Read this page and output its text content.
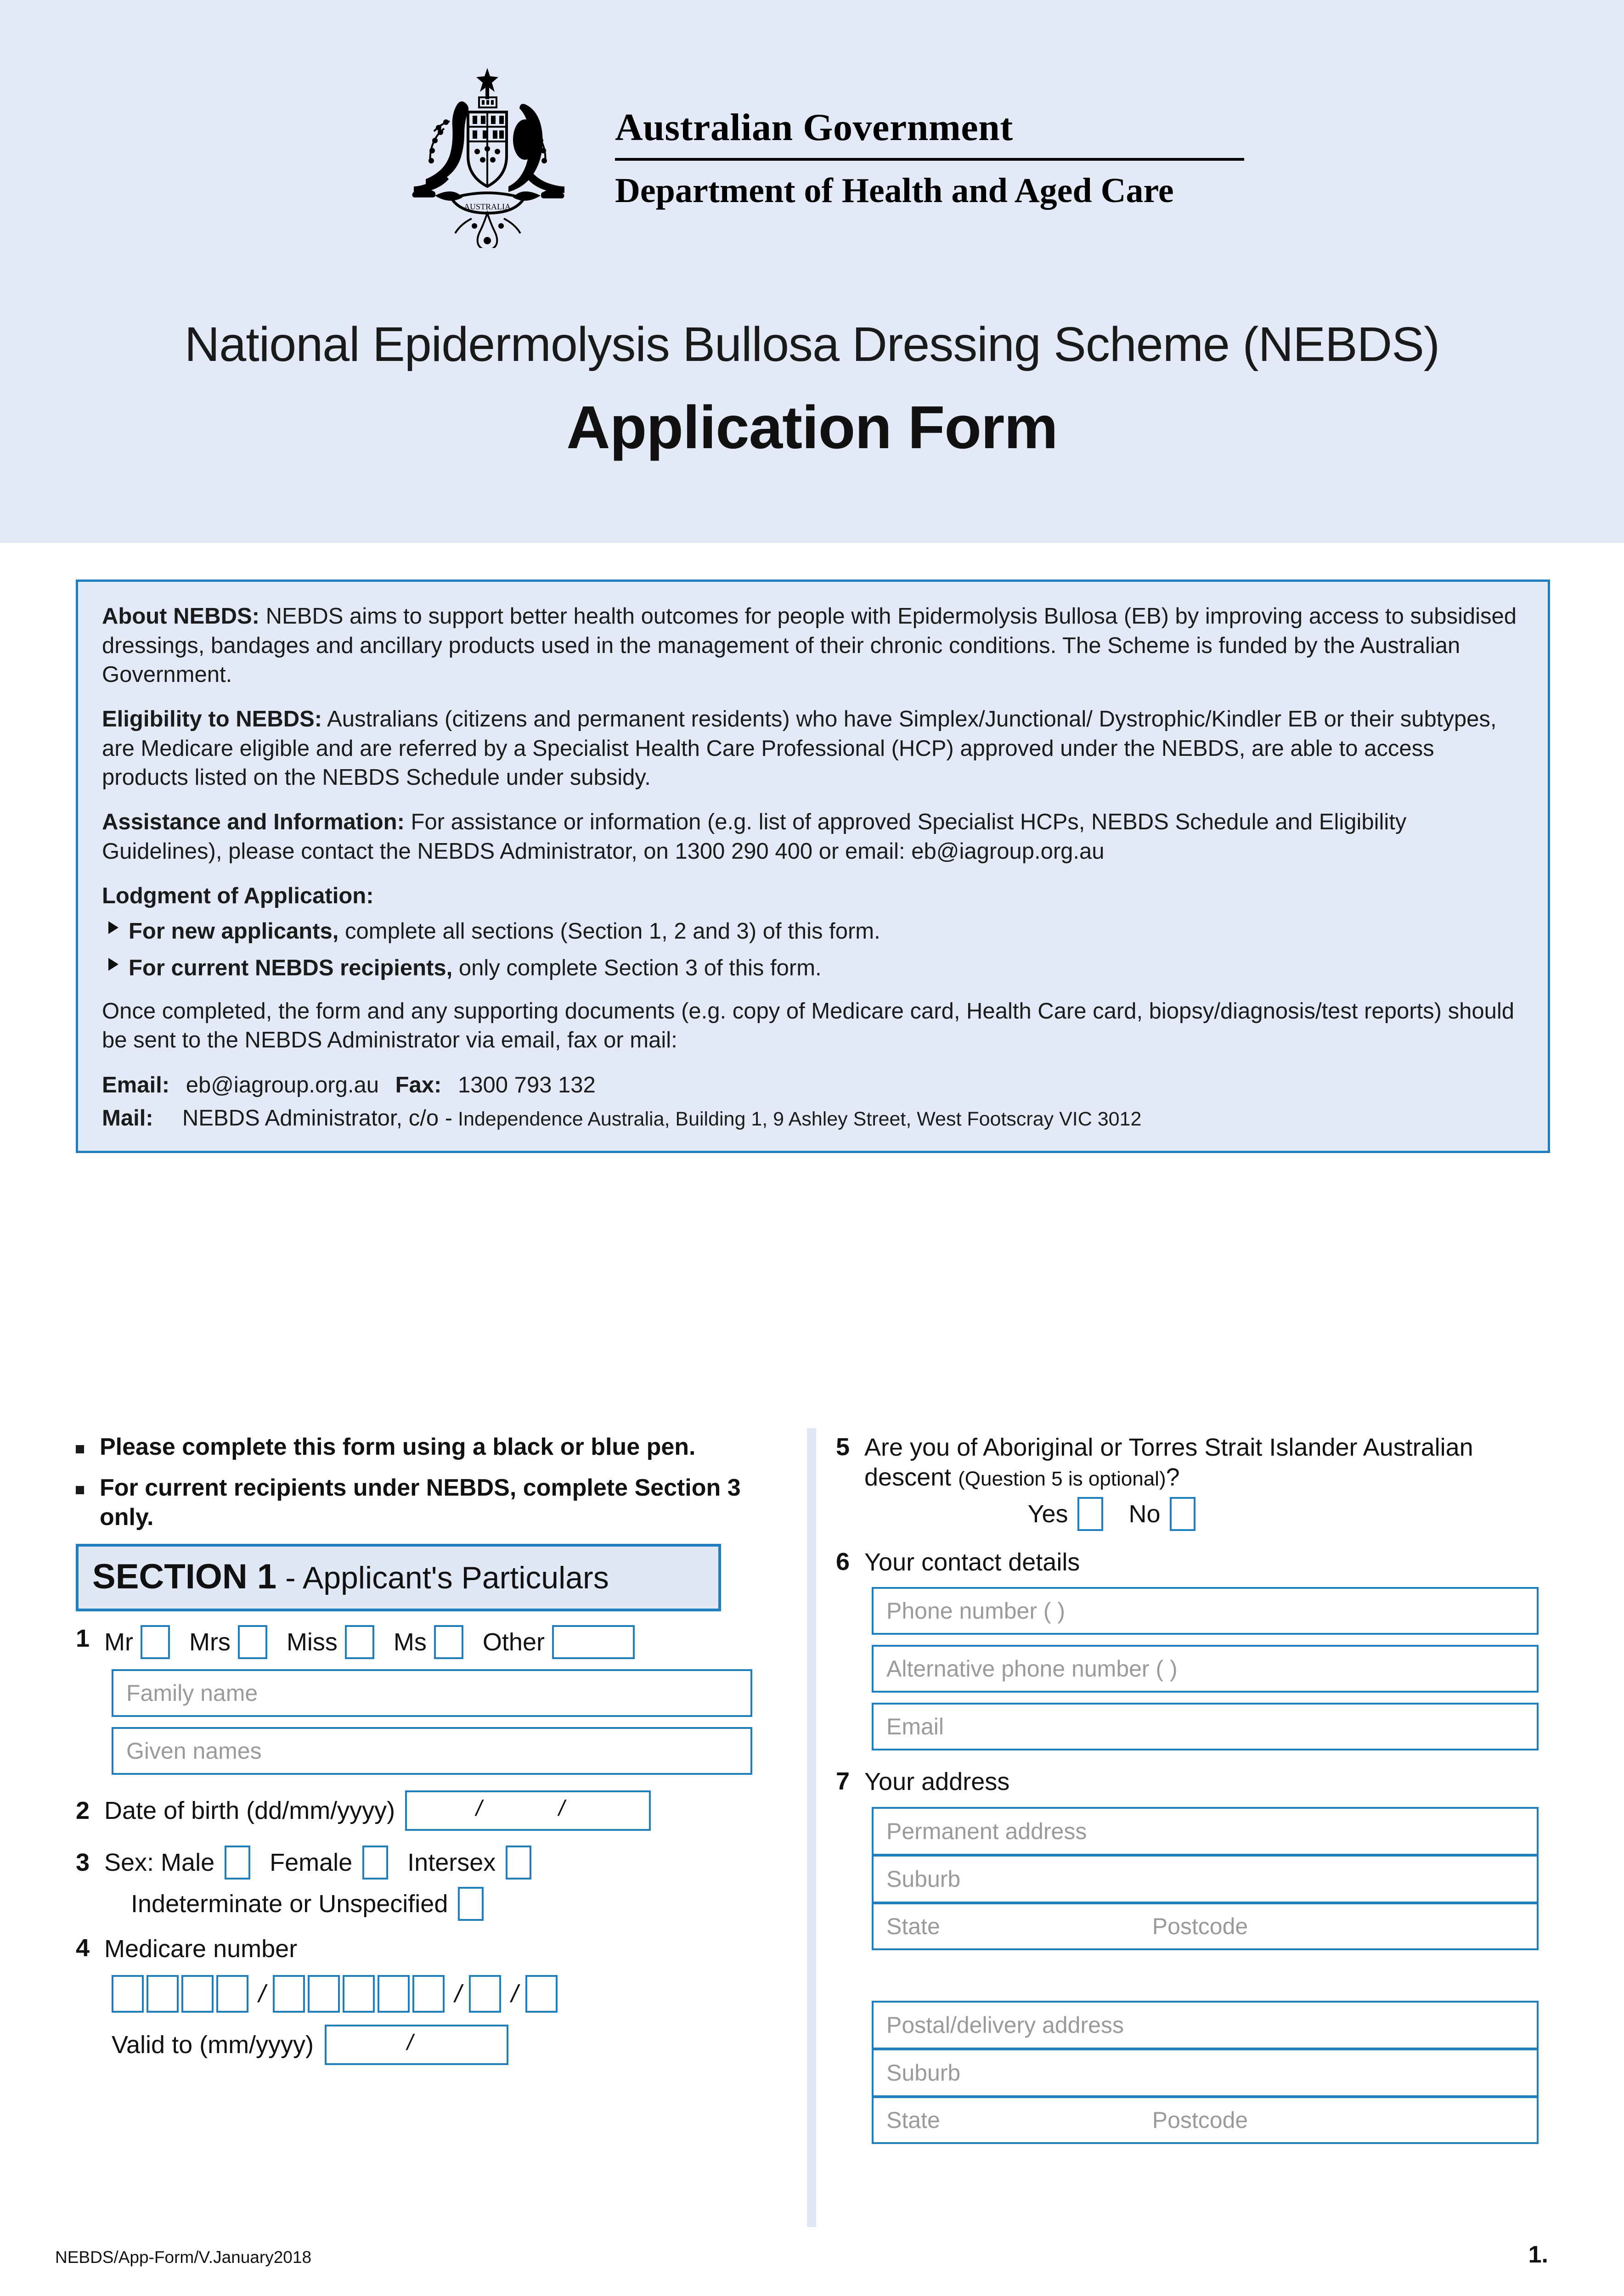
AUSTRALIA
Australian Government
Department of Health and Aged Care
National Epidermolysis Bullosa Dressing Scheme (NEBDS)
Application Form

About NEBDS: NEBDS aims to support better health outcomes for people with Epidermolysis Bullosa (EB) by improving access to subsidised dressings, bandages and ancillary products used in the management of their chronic conditions. The Scheme is funded by the Australian Government.

Eligibility to NEBDS: Australians (citizens and permanent residents) who have Simplex/Junctional/ Dystrophic/Kindler EB or their subtypes, are Medicare eligible and are referred by a Specialist Health Care Professional (HCP) approved under the NEBDS, are able to access products listed on the NEBDS Schedule under subsidy.

Assistance and Information: For assistance or information (e.g. list of approved Specialist HCPs, NEBDS Schedule and Eligibility Guidelines), please contact the NEBDS Administrator, on 1300 290 400 or email: eb@iagroup.org.au

Lodgment of Application:

For new applicants, complete all sections (Section 1, 2 and 3) of this form.
For current NEBDS recipients, only complete Section 3 of this form.

Once completed, the form and any supporting documents (e.g. copy of Medicare card, Health Care card, biopsy/diagnosis/test reports) should be sent to the NEBDS Administrator via email, fax or mail:

Email: eb@iagroup.org.au Fax: 1300 793 132
Mail: NEBDS Administrator, c/o - Independence Australia, Building 1, 9 Ashley Street, West Footscray VIC 3012
Please complete this form using a black or blue pen.
For current recipients under NEBDS, complete Section 3 only.
SECTION 1 - Applicant's Particulars
1 Mr Mrs Miss Ms Other
Family name
Given names
2 Date of birth (dd/mm/yyyy)	/	/
3 Sex: Male Female Intersex
Indeterminate or Unspecified
4 Medicare number
/	/ /
Valid to (mm/yyyy)	/
5 Are you of Aboriginal or Torres Strait Islander Australian descent (Question 5 is optional)?
Yes No
6 Your contact details
Phone number ( )
Alternative phone number ( )
Email
7 Your address
Permanent address
Suburb
State	Postcode
Postal/delivery address
Suburb
State	Postcode
NEBDS/App-Form/V.January2018	1.
